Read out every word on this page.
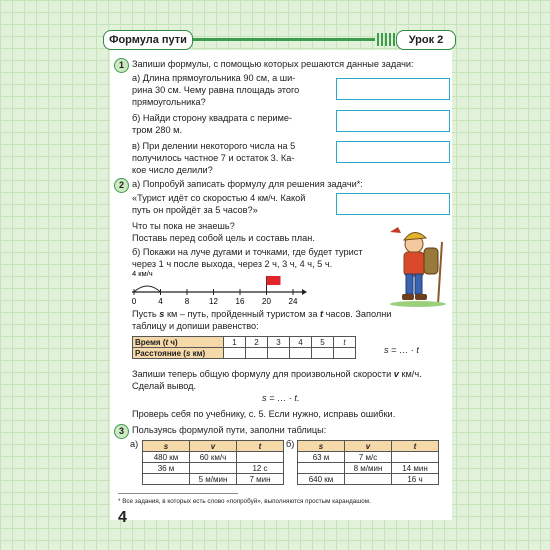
Формула пути	Урок 2
1 Запиши формулы, с помощью которых решаются данные задачи:
а) Длина прямоугольника 90 см, а ши-
рина 30 см. Чему равна площадь этого
прямоугольника?
б) Найди сторону квадрата с периме-
тром 280 м.
в) При делении некоторого числа на 5
получилось частное 7 и остаток 3. Ка-
кое число делили?
2 а) Попробуй записать формулу для решения задачи*:
«Турист идёт со скоростью 4 км/ч. Какой
путь он пройдёт за 5 часов?»
Что ты пока не знаешь?
Поставь перед собой цель и составь план.
б) Покажи на луче дугами и точками, где будет турист
через 1 ч после выхода, через 2 ч, 3 ч, 4 ч, 5 ч.
0	4	8 12 16 20 24
4 км/ч
Пусть s км – путь, пройденный туристом за t часов. Заполни
таблицу и допиши равенство:
Время (t ч)	1	2	3	4	5	t
Расстояние (s км)							s = … · t
Запиши теперь общую формулу для произвольной скорости v км/ч.
Сделай вывод.
s = … · t.
Проверь себя по учебнику, с. 5. Если нужно, исправь ошибки.
3 Пользуясь формулой пути, заполни таблицы:
а)	б)
s	v	t
480 км	60 км/ч	
36 м		12 с
	5 м/мин	7 мин
s	v	t
63 м	7 м/с	
	8 м/мин	14 мин
640 км		16 ч
* Все задания, в которых есть слово «попробуй», выполняются простым карандашом.
4
